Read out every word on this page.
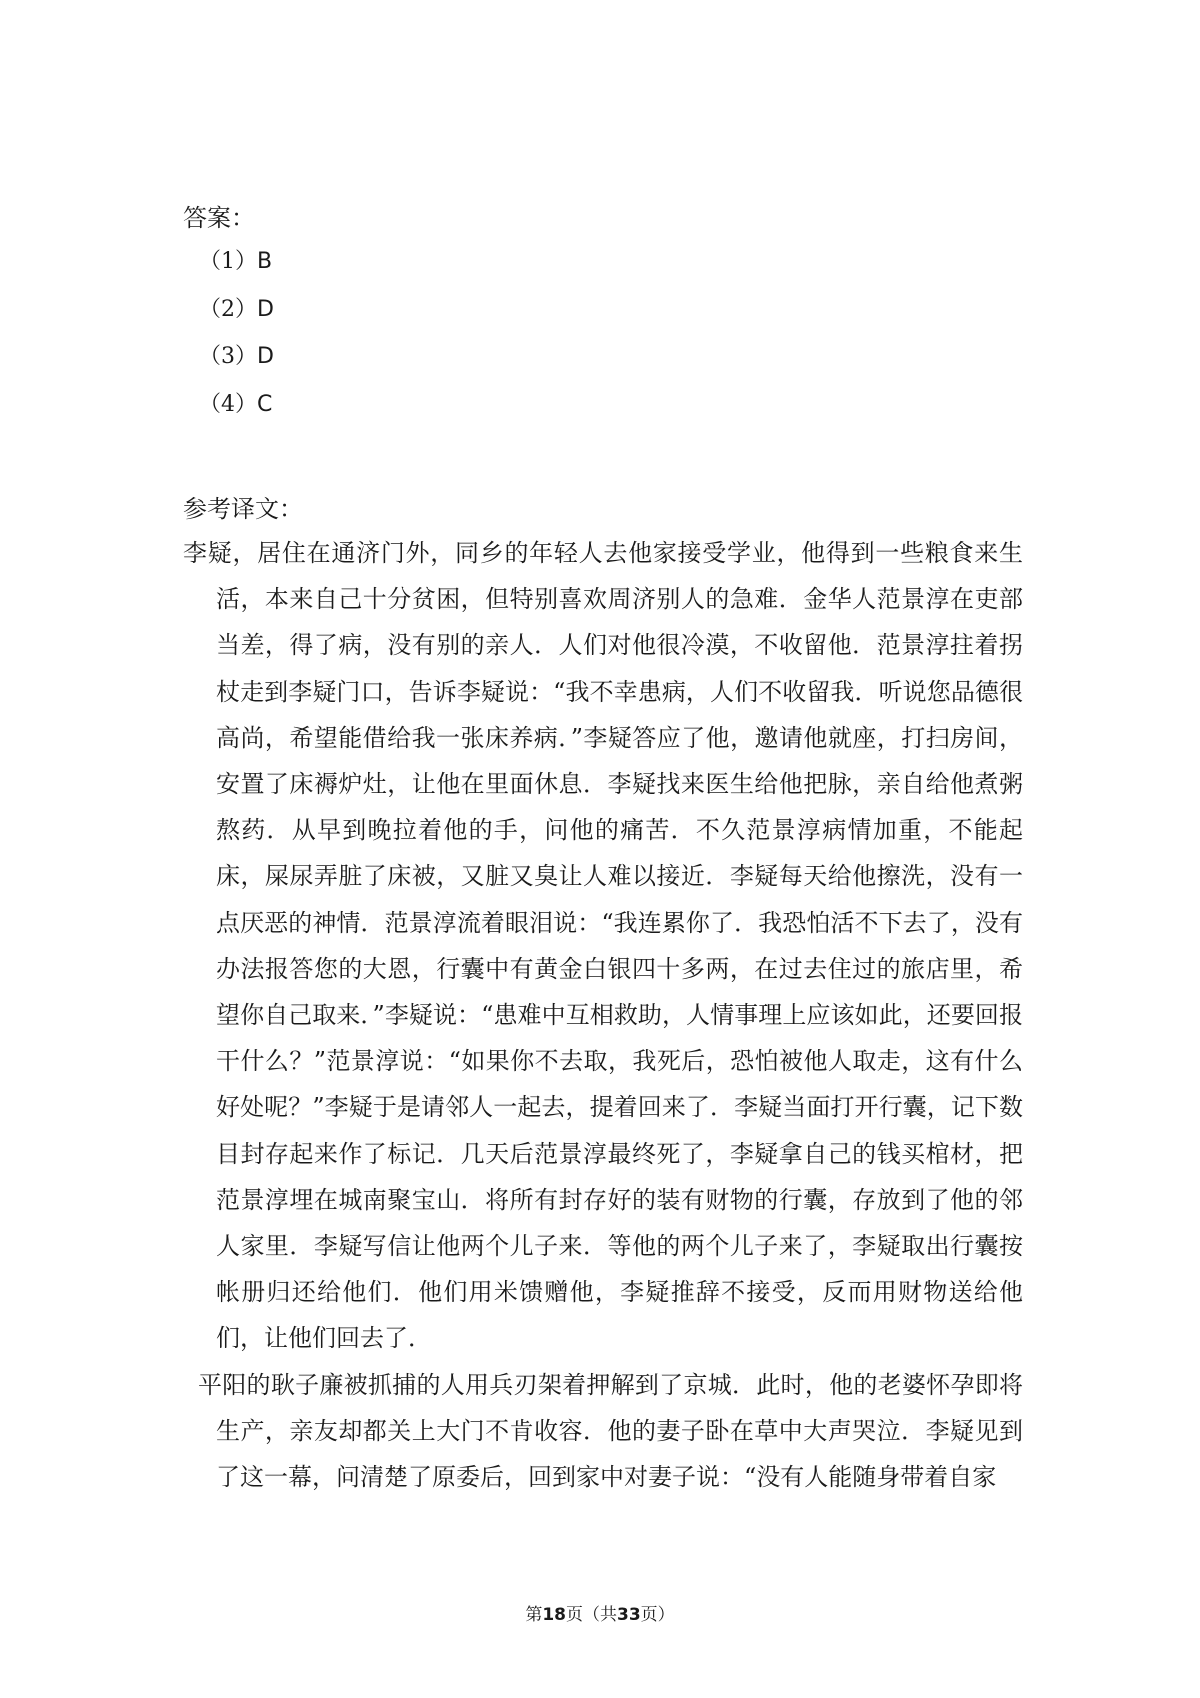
答案：
（1）B
（2）D
（3）D
（4）C
参考译文：

李疑，居住在通济门外，同乡的年轻人去他家接受学业，他得到一些粮食来生活，本来自己十分贫困，但特别喜欢周济别人的急难．金华人范景淳在吏部当差，得了病，没有别的亲人．人们对他很冷漠，不收留他．范景淳拄着拐杖走到李疑门口，告诉李疑说：“我不幸患病，人们不收留我．听说您品德很高尚，希望能借给我一张床养病．”李疑答应了他，邀请他就座，打扫房间，安置了床褥炉灶，让他在里面休息．李疑找来医生给他把脉，亲自给他煮粥熬药．从早到晚拉着他的手，问他的痛苦．不久范景淳病情加重，不能起床，屎尿弄脏了床被，又脏又臭让人难以接近．李疑每天给他擦洗，没有一点厌恶的神情．范景淳流着眼泪说：“我连累你了．我恐怕活不下去了，没有办法报答您的大恩，行囊中有黄金白银四十多两，在过去住过的旅店里，希望你自己取来．”李疑说：“患难中互相救助，人情事理上应该如此，还要回报干什么？”范景淳说：“如果你不去取，我死后，恐怕被他人取走，这有什么好处呢？”李疑于是请邻人一起去，提着回来了．李疑当面打开行囊，记下数目封存起来作了标记．几天后范景淳最终死了，李疑拿自己的钱买棺材，把范景淳埋在城南聚宝山．将所有封存好的装有财物的行囊，存放到了他的邻人家里．李疑写信让他两个儿子来．等他的两个儿子来了，李疑取出行囊按帐册归还给他们．他们用米馈赠他，李疑推辞不接受，反而用财物送给他们，让他们回去了．

平阳的耿子廉被抓捕的人用兵刃架着押解到了京城．此时，他的老婆怀孕即将生产，亲友却都关上大门不肯收容．他的妻子卧在草中大声哭泣．李疑见到了这一幕，问清楚了原委后，回到家中对妻子说：“没有人能随身带着自家

第18页（共33页）
